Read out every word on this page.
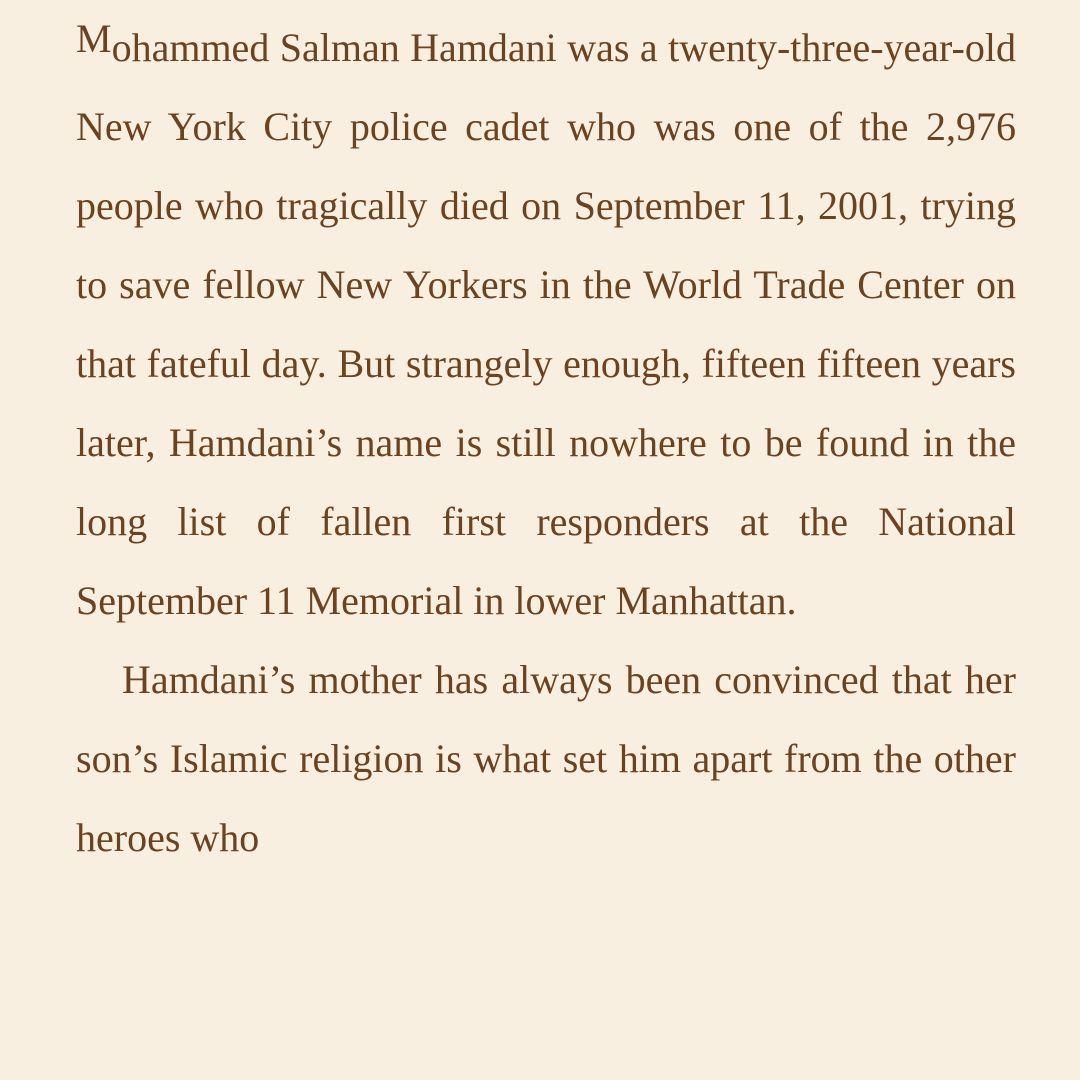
Mohammed Salman Hamdani was a twenty-three-year-old New York City police cadet who was one of the 2,976 people who tragically died on September 11, 2001, trying to save fellow New Yorkers in the World Trade Center on that fateful day. But strangely enough, fifteen fifteen years later, Hamdani’s name is still nowhere to be found in the long list of fallen first responders at the National September 11 Memorial in lower Manhattan.

Hamdani’s mother has always been convinced that her son’s Islamic religion is what set him apart from the other heroes who
